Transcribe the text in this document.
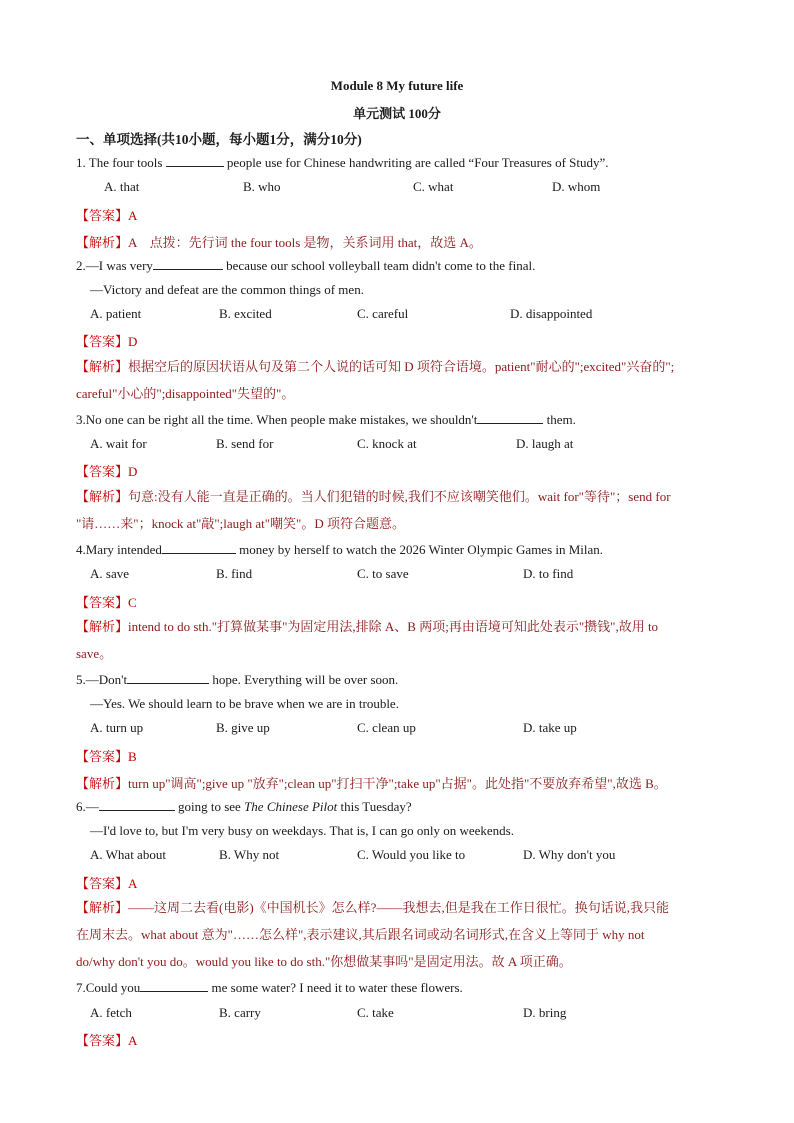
Module 8 My future life
单元测试 100分
一、单项选择(共10小题，每小题1分，满分10分)
1. The four tools	people use for Chinese handwriting are called “Four Treasures of Study”.
A. that	B. who	C. what	D. whom
【答案】A
【解析】A　点拨：先行词 the four tools 是物，关系词用 that，故选 A。
2.—I was very	because our school volleyball team didn't come to the final.
—Victory and defeat are the common things of men.
A. patient	B. excited	C. careful	D. disappointed
【答案】D
【解析】根据空后的原因状语从句及第二个人说的话可知 D 项符合语境。patient"耐心的";excited"兴奋的";
careful"小心的";disappointed"失望的"。
3.No one can be right all the time. When people make mistakes, we shouldn't	them.
A. wait for	B. send for	C. knock at	D. laugh at
【答案】D
【解析】句意:没有人能一直是正确的。当人们犯错的时候,我们不应该嘲笑他们。wait for"等待"；send for
"请……来"；knock at"敲";laugh at"嘲笑"。D 项符合题意。
4.Mary intended	money by herself to watch the 2026 Winter Olympic Games in Milan.
A. save	B. find	C. to save	D. to find
【答案】C
【解析】intend to do sth."打算做某事"为固定用法,排除 A、B 两项;再由语境可知此处表示"攒钱",故用 to
save。
5.—Don't	hope. Everything will be over soon.
—Yes. We should learn to be brave when we are in trouble.
A. turn up	B. give up	C. clean up	D. take up
【答案】B
【解析】turn up"调高";give up "放弃";clean up"打扫干净";take up"占据"。此处指"不要放弃希望",故选 B。
6.—	going to see The Chinese Pilot this Tuesday?
—I'd love to, but I'm very busy on weekdays. That is, I can go only on weekends.
A. What about	B. Why not	C. Would you like to	D. Why don't you
【答案】A
【解析】——这周二去看(电影)《中国机长》怎么样?——我想去,但是我在工作日很忙。换句话说,我只能
在周末去。what about 意为"……怎么样",表示建议,其后跟名词或动名词形式,在含义上等同于 why not
do/why don't you do。would you like to do sth."你想做某事吗"是固定用法。故 A 项正确。
7.Could you	me some water? I need it to water these flowers.
A. fetch	B. carry	C. take	D. bring
【答案】A
